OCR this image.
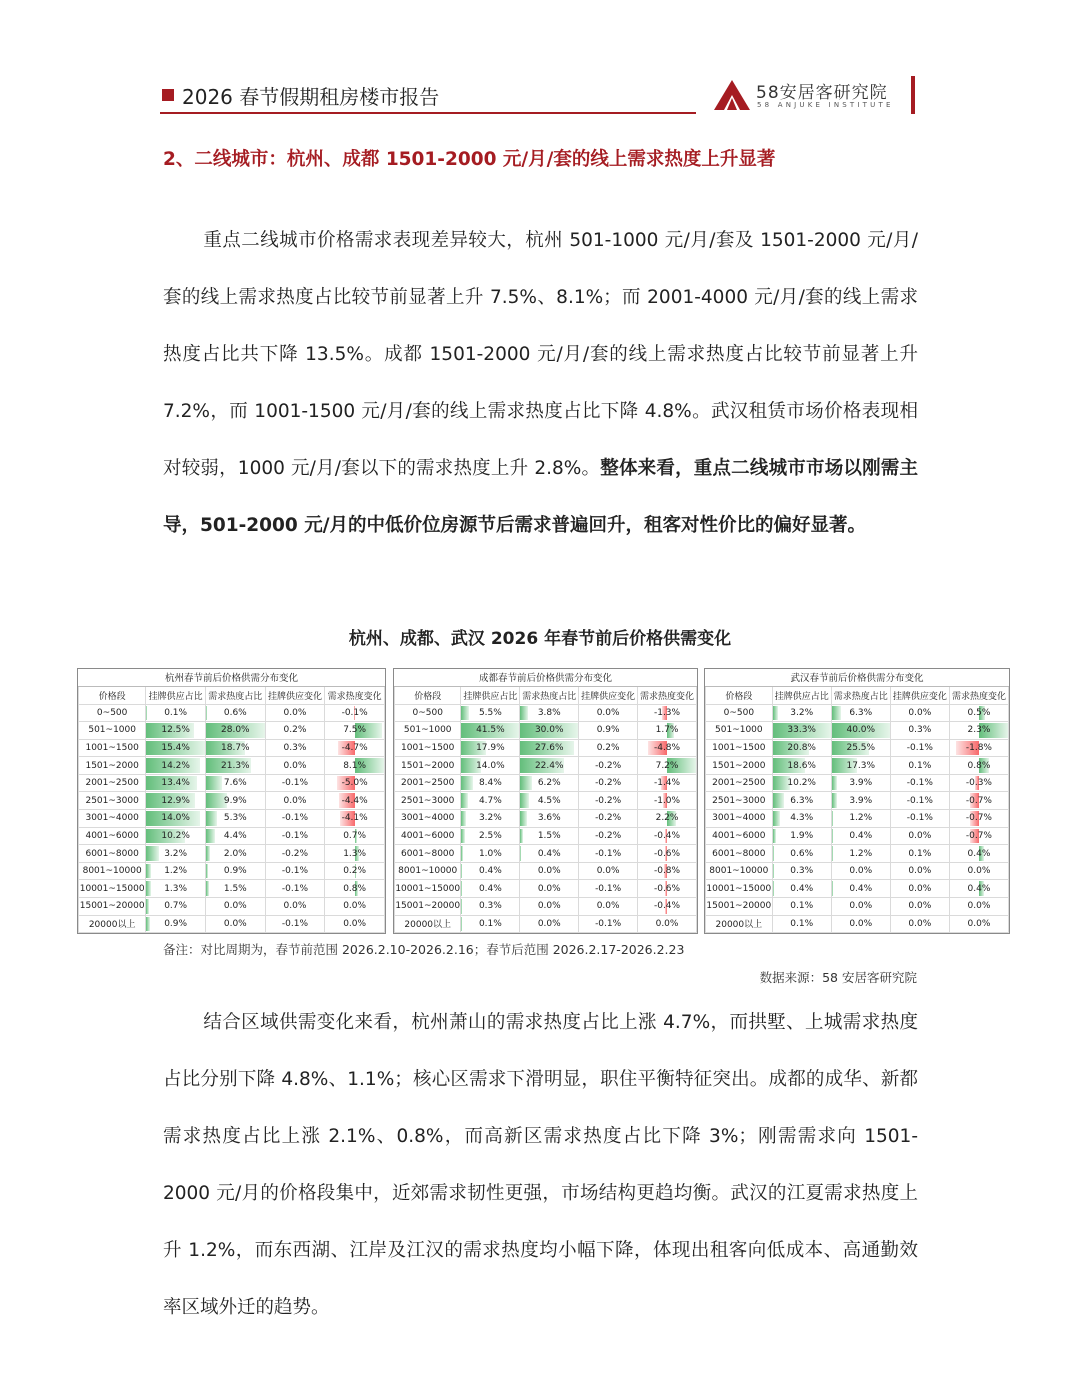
2026 春节假期租房楼市报告	58安居客研究院
58 ANJUKE INSTITUTE
2、二线城市：杭州、成都 1501-2000 元/月/套的线上需求热度上升显著
重点二线城市价格需求表现差异较大，杭州 501-1000 元/月/套及 1501-2000 元/月/套的线上需求热度占比较节前显著上升 7.5%、8.1%；而 2001-4000 元/月/套的线上需求热度占比共下降 13.5%。成都 1501-2000 元/月/套的线上需求热度占比较节前显著上升 7.2%，而 1001-1500 元/月/套的线上需求热度占比下降 4.8%。武汉租赁市场价格表现相对较弱，1000 元/月/套以下的需求热度上升 2.8%。整体来看，重点二线城市市场以刚需主导，501-2000 元/月的中低价位房源节后需求普遍回升，租客对性价比的偏好显著。
杭州、成都、武汉 2026 年春节前后价格供需变化
杭州春节前后价格供需分布变化				
价格段	挂牌供应占比	需求热度占比	挂牌供应变化	需求热度变化
0~500	0.1%	0.6%	0.0%	-0.1%
501~1000	12.5%	28.0%	0.2%	7.5%
1001~1500	15.4%	18.7%	0.3%	-4.7%
1501~2000	14.2%	21.3%	0.0%	8.1%
2001~2500	13.4%	7.6%	-0.1%	-5.0%
2501~3000	12.9%	9.9%	0.0%	-4.4%
3001~4000	14.0%	5.3%	-0.1%	-4.1%
4001~6000	10.2%	4.4%	-0.1%	0.7%
6001~8000	3.2%	2.0%	-0.2%	1.3%
8001~10000	1.2%	0.9%	-0.1%	0.2%
10001~15000	1.3%	1.5%	-0.1%	0.8%
15001~20000	0.7%	0.0%	0.0%	0.0%
20000以上	0.9%	0.0%	-0.1%	0.0%
成都春节前后价格供需分布变化				
价格段	挂牌供应占比	需求热度占比	挂牌供应变化	需求热度变化
0~500	5.5%	3.8%	0.0%	-1.3%
501~1000	41.5%	30.0%	0.9%	1.7%
1001~1500	17.9%	27.6%	0.2%	-4.8%
1501~2000	14.0%	22.4%	-0.2%	7.2%
2001~2500	8.4%	6.2%	-0.2%	-1.4%
2501~3000	4.7%	4.5%	-0.2%	-1.0%
3001~4000	3.2%	3.6%	-0.2%	2.2%
4001~6000	2.5%	1.5%	-0.2%	-0.4%
6001~8000	1.0%	0.4%	-0.1%	-0.6%
8001~10000	0.4%	0.0%	0.0%	-0.8%
10001~15000	0.4%	0.0%	-0.1%	-0.6%
15001~20000	0.3%	0.0%	0.0%	-0.4%
20000以上	0.1%	0.0%	-0.1%	0.0%
武汉春节前后价格供需分布变化				
价格段	挂牌供应占比	需求热度占比	挂牌供应变化	需求热度变化
0~500	3.2%	6.3%	0.0%	0.5%
501~1000	33.3%	40.0%	0.3%	2.3%
1001~1500	20.8%	25.5%	-0.1%	-1.8%
1501~2000	18.6%	17.3%	0.1%	0.8%
2001~2500	10.2%	3.9%	-0.1%	-0.3%
2501~3000	6.3%	3.9%	-0.1%	-0.7%
3001~4000	4.3%	1.2%	-0.1%	-0.7%
4001~6000	1.9%	0.4%	0.0%	-0.7%
6001~8000	0.6%	1.2%	0.1%	0.4%
8001~10000	0.3%	0.0%	0.0%	0.0%
10001~15000	0.4%	0.4%	0.0%	0.4%
15001~20000	0.1%	0.0%	0.0%	0.0%
20000以上	0.1%	0.0%	0.0%	0.0%
备注：对比周期为，春节前范围 2026.2.10-2026.2.16；春节后范围 2026.2.17-2026.2.23
数据来源：58 安居客研究院
结合区域供需变化来看，杭州萧山的需求热度占比上涨 4.7%，而拱墅、上城需求热度占比分别下降 4.8%、1.1%；核心区需求下滑明显，职住平衡特征突出。成都的成华、新都需求热度占比上涨 2.1%、0.8%，而高新区需求热度占比下降 3%；刚需需求向 1501-2000 元/月的价格段集中，近郊需求韧性更强，市场结构更趋均衡。武汉的江夏需求热度上升 1.2%，而东西湖、江岸及江汉的需求热度均小幅下降，体现出租客向低成本、高通勤效率区域外迁的趋势。
